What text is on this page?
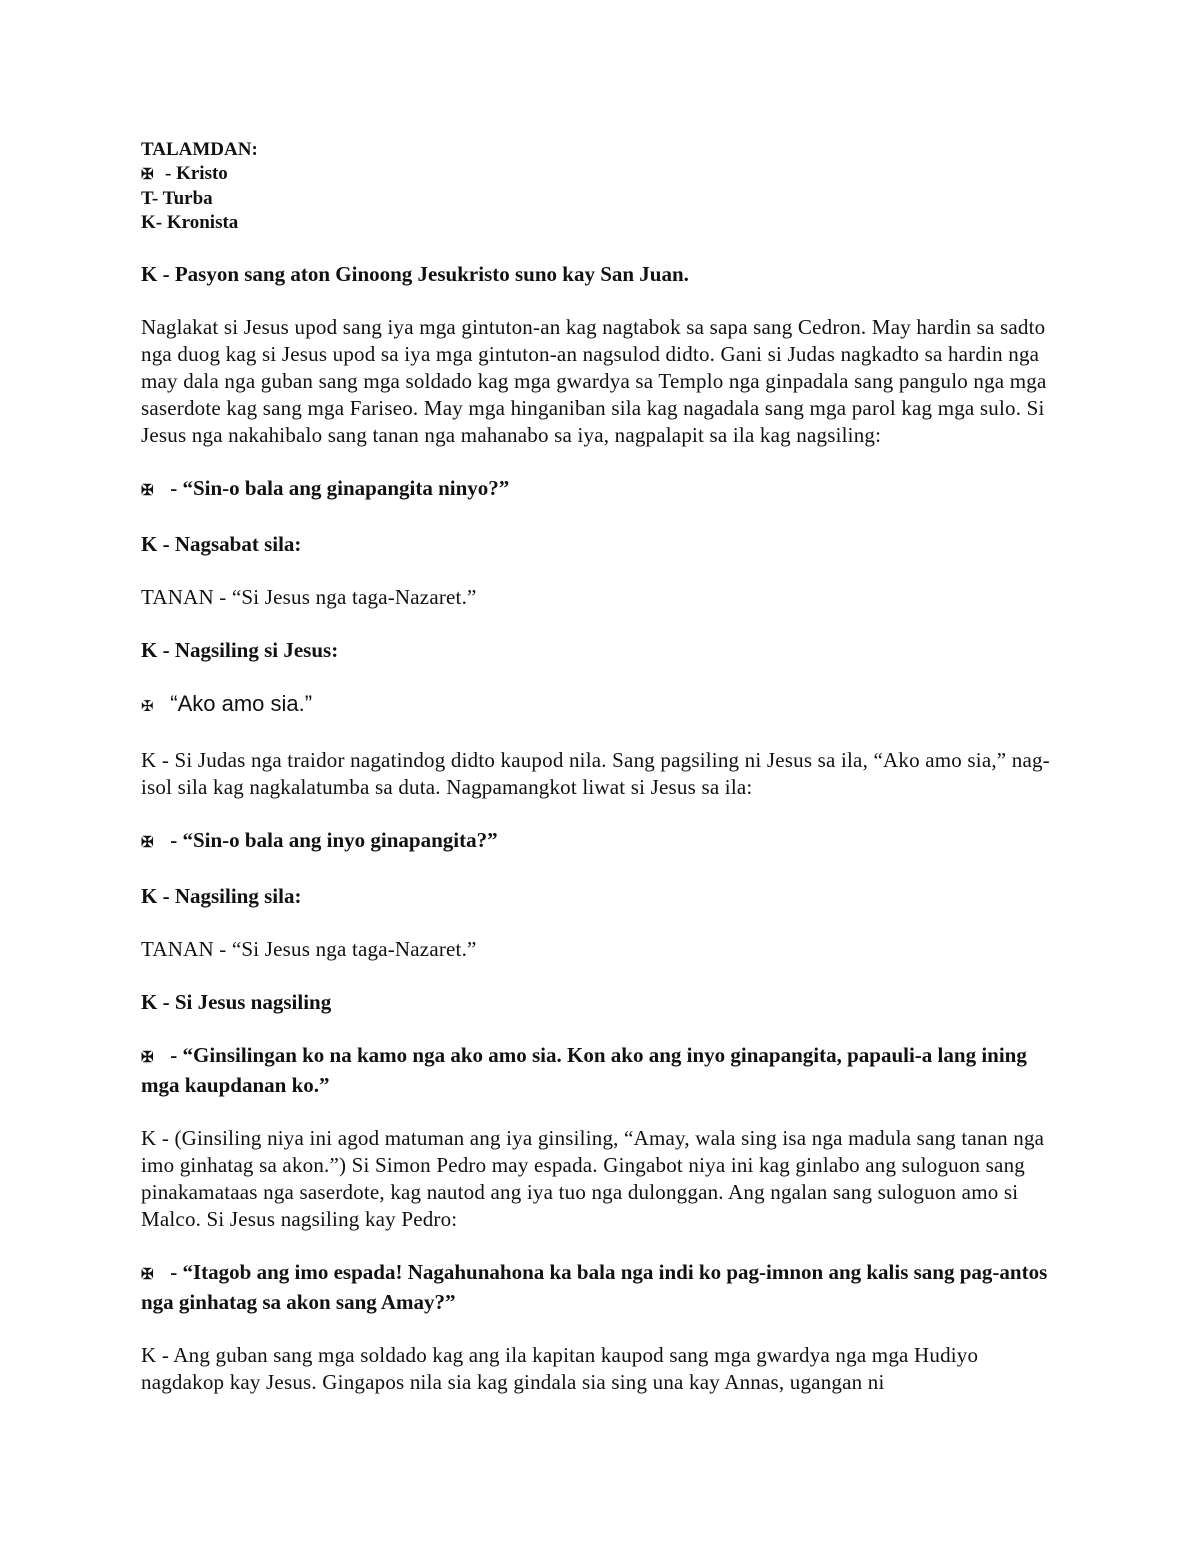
TALAMDAN:
✠ - Kristo
T- Turba
K- Kronista

K - Pasyon sang aton Ginoong Jesukristo suno kay San Juan.

Naglakat si Jesus upod sang iya mga gintuton-an kag nagtabok sa sapa sang Cedron. May hardin sa sadto nga duog kag si Jesus upod sa iya mga gintuton-an nagsulod didto. Gani si Judas nagkadto sa hardin nga may dala nga guban sang mga soldado kag mga gwardya sa Templo nga ginpadala sang pangulo nga mga saserdote kag sang mga Fariseo. May mga hinganiban sila kag nagadala sang mga parol kag mga sulo. Si Jesus nga nakahibalo sang tanan nga mahanabo sa iya, nagpalapit sa ila kag nagsiling:

✠ - “Sin-o bala ang ginapangita ninyo?”

K - Nagsabat sila:

TANAN - “Si Jesus nga taga-Nazaret.”

K - Nagsiling si Jesus:

✠ “Ako amo sia.”

K - Si Judas nga traidor nagatindog didto kaupod nila. Sang pagsiling ni Jesus sa ila, “Ako amo sia,” nag-isol sila kag nagkalatumba sa duta. Nagpamangkot liwat si Jesus sa ila:

✠ - “Sin-o bala ang inyo ginapangita?”

K - Nagsiling sila:

TANAN - “Si Jesus nga taga-Nazaret.”

K - Si Jesus nagsiling

✠ - “Ginsilingan ko na kamo nga ako amo sia. Kon ako ang inyo ginapangita, papauli-a lang ining mga kaupdanan ko.”

K - (Ginsiling niya ini agod matuman ang iya ginsiling, “Amay, wala sing isa nga madula sang tanan nga imo ginhatag sa akon.”) Si Simon Pedro may espada. Gingabot niya ini kag ginlabo ang suloguon sang pinakamataas nga saserdote, kag nautod ang iya tuo nga dulonggan. Ang ngalan sang suloguon amo si Malco. Si Jesus nagsiling kay Pedro:

✠ - “Itagob ang imo espada! Nagahunahona ka bala nga indi ko pag-imnon ang kalis sang pag-antos nga ginhatag sa akon sang Amay?”

K - Ang guban sang mga soldado kag ang ila kapitan kaupod sang mga gwardya nga mga Hudiyo nagdakop kay Jesus. Gingapos nila sia kag gindala sia sing una kay Annas, ugangan ni
